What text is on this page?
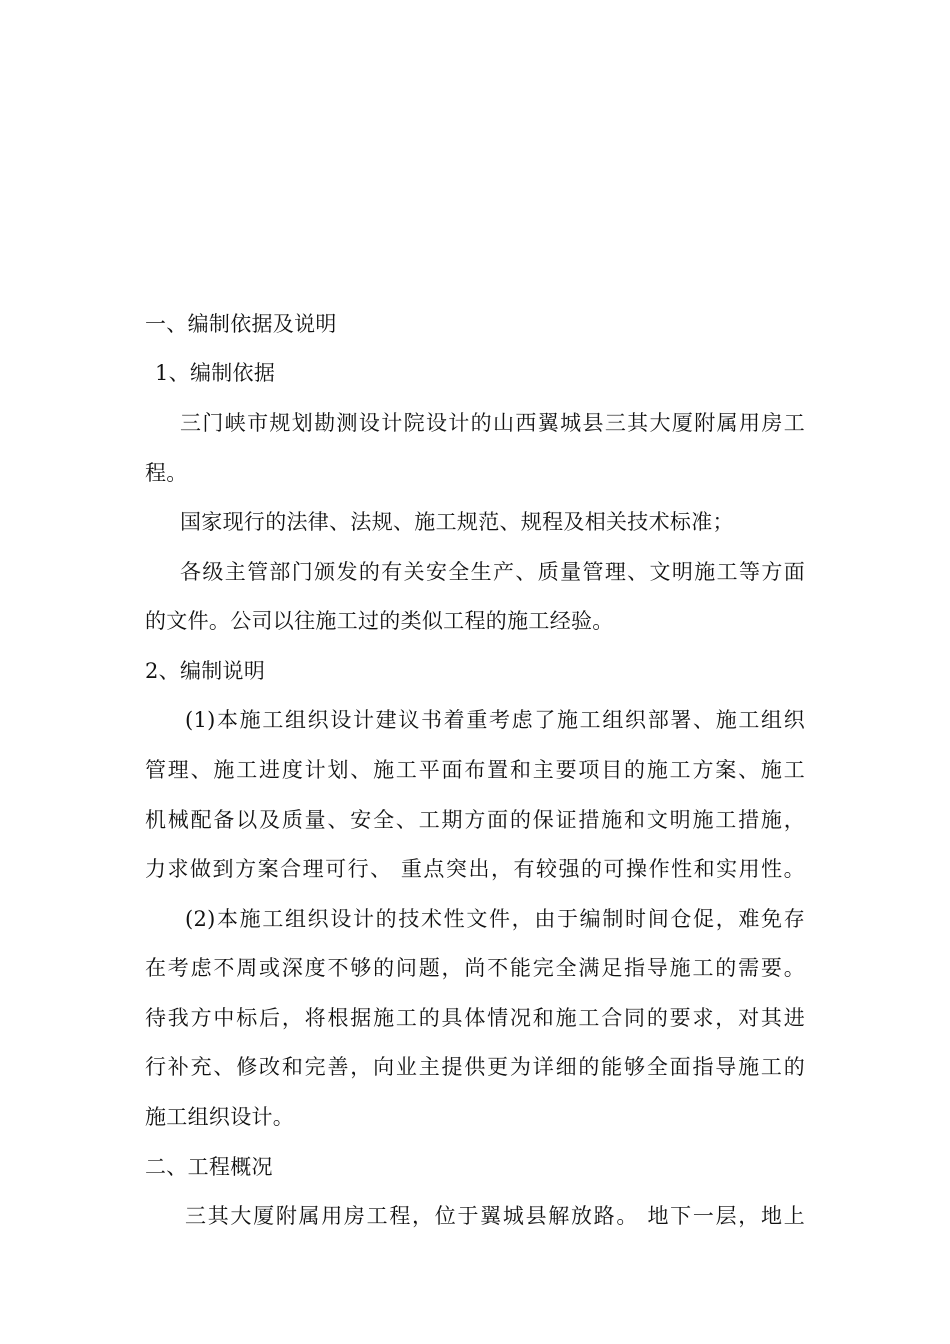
一、编制依据及说明
1、编制依据
三门峡市规划勘测设计院设计的山西翼城县三其大厦附属用房工
程。
国家现行的法律、法规、施工规范、规程及相关技术标准；
各级主管部门颁发的有关安全生产、质量管理、文明施工等方面
的文件。公司以往施工过的类似工程的施工经验。
2、编制说明
(1)本施工组织设计建议书着重考虑了施工组织部署、施工组织
管理、施工进度计划、施工平面布置和主要项目的施工方案、施工
机械配备以及质量、安全、工期方面的保证措施和文明施工措施，
力求做到方案合理可行、 重点突出，有较强的可操作性和实用性。
(2)本施工组织设计的技术性文件，由于编制时间仓促，难免存
在考虑不周或深度不够的问题，尚不能完全满足指导施工的需要。
待我方中标后，将根据施工的具体情况和施工合同的要求，对其进
行补充、修改和完善，向业主提供更为详细的能够全面指导施工的
施工组织设计。
二、工程概况
三其大厦附属用房工程，位于翼城县解放路。 地下一层，地上
